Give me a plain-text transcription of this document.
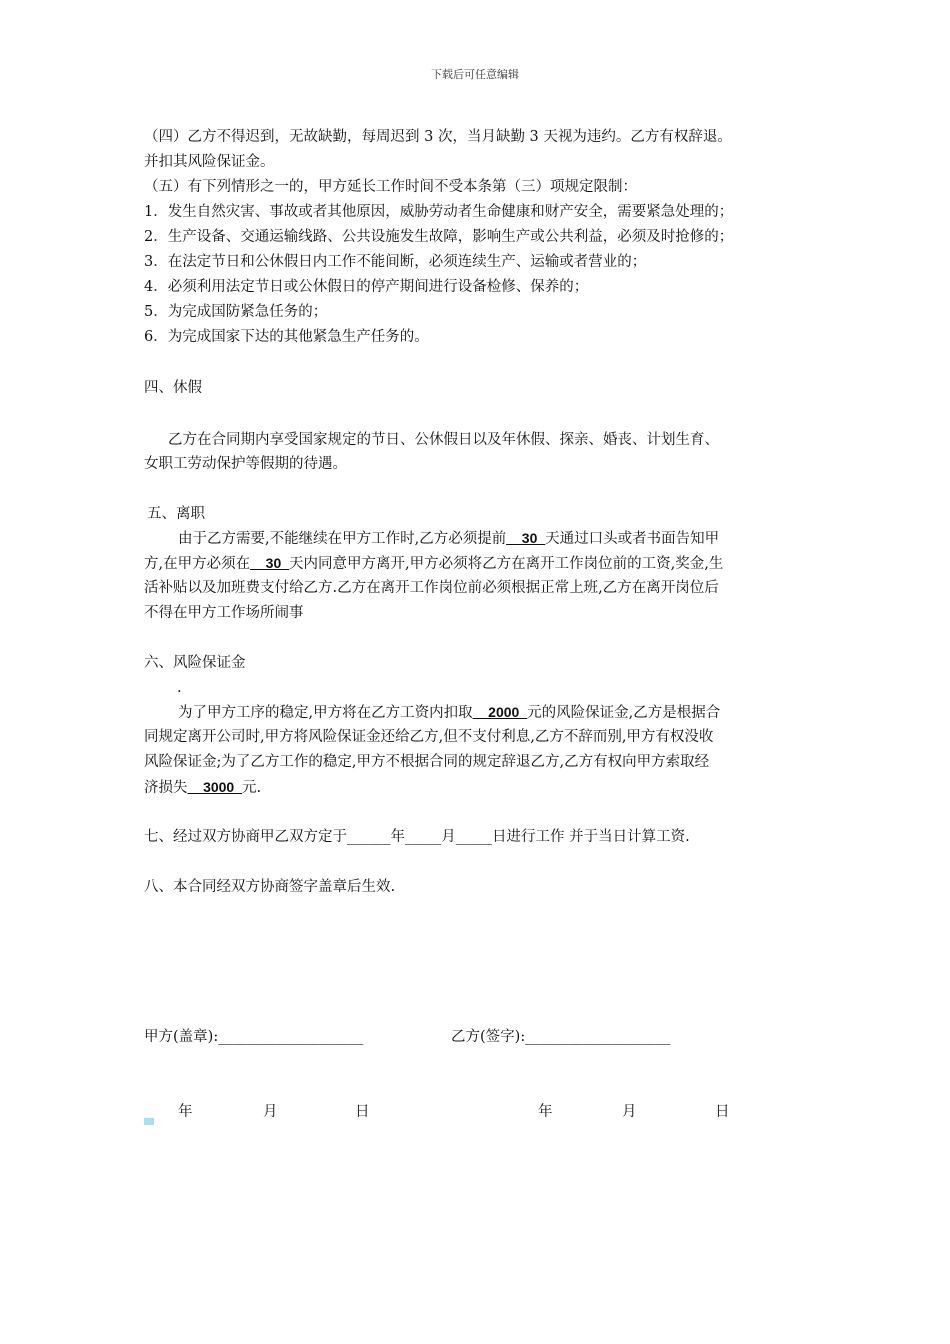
下载后可任意编辑
（四）乙方不得迟到，无故缺勤，每周迟到 3 次，当月缺勤 3 天视为违约。乙方有权辞退。
并扣其风险保证金。
（五）有下列情形之一的，甲方延长工作时间不受本条第（三）项规定限制：
1．发生自然灾害、事故或者其他原因，威胁劳动者生命健康和财产安全，需要紧急处理的；
2．生产设备、交通运输线路、公共设施发生故障，影响生产或公共利益，必须及时抢修的；
3．在法定节日和公休假日内工作不能间断，必须连续生产、运输或者营业的；
4．必须利用法定节日或公休假日的停产期间进行设备检修、保养的；
5．为完成国防紧急任务的；
6．为完成国家下达的其他紧急生产任务的。
四、休假
乙方在合同期内享受国家规定的节日、公休假日以及年休假、探亲、婚丧、计划生育、
女职工劳动保护等假期的待遇。
五、离职
由于乙方需要,不能继续在甲方工作时,乙方必须提前__30_天通过口头或者书面告知甲
方,在甲方必须在__30_天内同意甲方离开,甲方必须将乙方在离开工作岗位前的工资,奖金,生
活补贴以及加班费支付给乙方.乙方在离开工作岗位前必须根据正常上班,乙方在离开岗位后
不得在甲方工作场所闹事
六、风险保证金
.
为了甲方工序的稳定,甲方将在乙方工资内扣取__2000_元的风险保证金,乙方是根据合
同规定离开公司时,甲方将风险保证金还给乙方,但不支付利息,乙方不辞而别,甲方有权没收
风险保证金;为了乙方工作的稳定,甲方不根据合同的规定辞退乙方,乙方有权向甲方索取经
济损失__3000_元.
七、经过双方协商甲乙双方定于______年_____月_____日进行工作 并于当日计算工资.
八、本合同经双方协商签字盖章后生效.
甲方(盖章):____________________	乙方(签字):____________________
年	月	日	年	月	日
